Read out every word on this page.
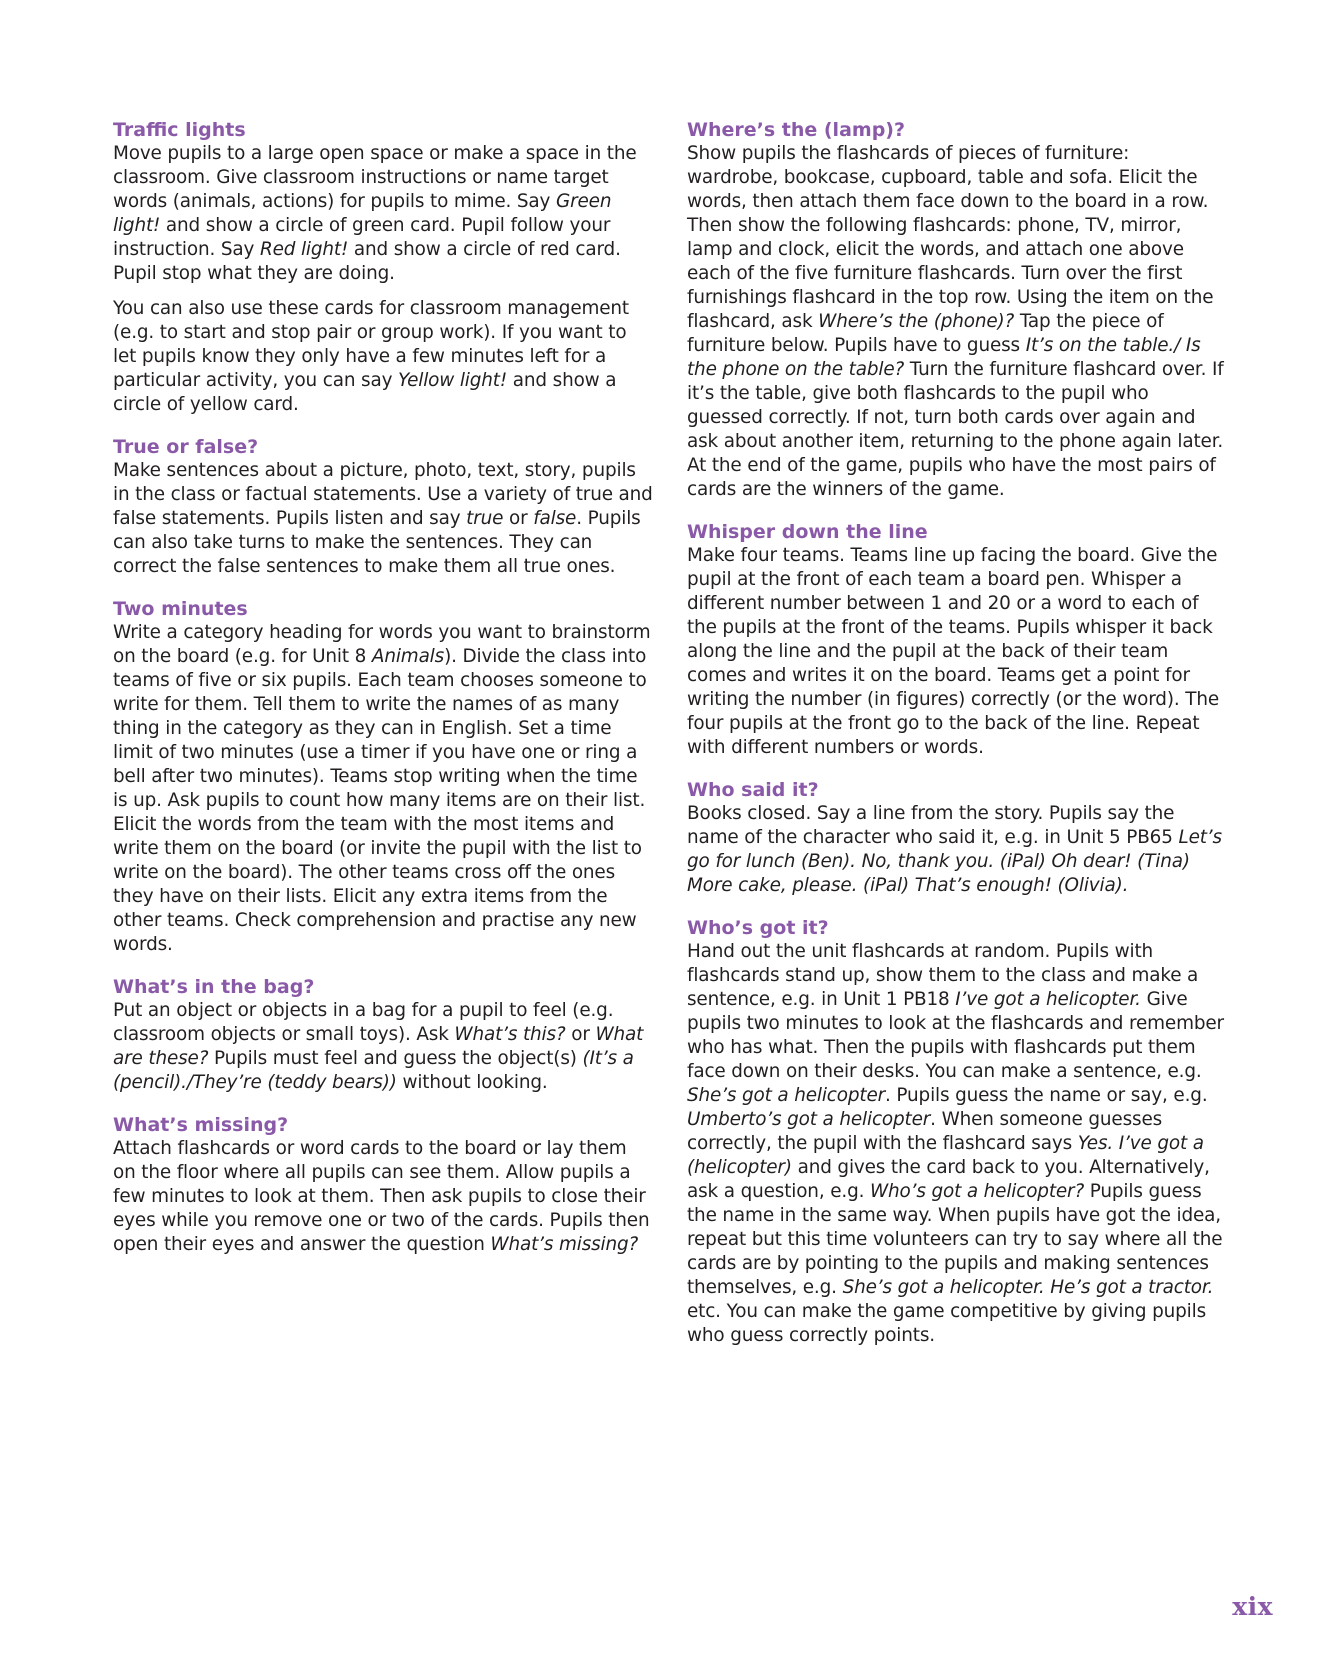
Traffic lights

Move pupils to a large open space or make a space in the classroom. Give classroom instructions or name target words (animals, actions) for pupils to mime. Say Green light! and show a circle of green card. Pupil follow your instruction. Say Red light! and show a circle of red card. Pupil stop what they are doing.

You can also use these cards for classroom management (e.g. to start and stop pair or group work). If you want to let pupils know they only have a few minutes left for a particular activity, you can say Yellow light! and show a circle of yellow card.

True or false?

Make sentences about a picture, photo, text, story, pupils in the class or factual statements. Use a variety of true and false statements. Pupils listen and say true or false. Pupils can also take turns to make the sentences. They can correct the false sentences to make them all true ones.

Two minutes

Write a category heading for words you want to brainstorm on the board (e.g. for Unit 8 Animals). Divide the class into teams of five or six pupils. Each team chooses someone to write for them. Tell them to write the names of as many thing in the category as they can in English. Set a time limit of two minutes (use a timer if you have one or ring a bell after two minutes). Teams stop writing when the time is up. Ask pupils to count how many items are on their list. Elicit the words from the team with the most items and write them on the board (or invite the pupil with the list to write on the board). The other teams cross off the ones they have on their lists. Elicit any extra items from the other teams. Check comprehension and practise any new words.

What’s in the bag?

Put an object or objects in a bag for a pupil to feel (e.g. classroom objects or small toys). Ask What’s this? or What are these? Pupils must feel and guess the object(s) (It’s a (pencil)./They’re (teddy bears)) without looking.

What’s missing?

Attach flashcards or word cards to the board or lay them on the floor where all pupils can see them. Allow pupils a few minutes to look at them. Then ask pupils to close their eyes while you remove one or two of the cards. Pupils then open their eyes and answer the question What’s missing?

Where’s the (lamp)?

Show pupils the flashcards of pieces of furniture: wardrobe, bookcase, cupboard, table and sofa. Elicit the words, then attach them face down to the board in a row. Then show the following flashcards: phone, TV, mirror, lamp and clock, elicit the words, and attach one above each of the five furniture flashcards. Turn over the first furnishings flashcard in the top row. Using the item on the flashcard, ask Where’s the (phone)? Tap the piece of furniture below. Pupils have to guess It’s on the table./ Is the phone on the table? Turn the furniture flashcard over. If it’s the table, give both flashcards to the pupil who guessed correctly. If not, turn both cards over again and ask about another item, returning to the phone again later. At the end of the game, pupils who have the most pairs of cards are the winners of the game.

Whisper down the line

Make four teams. Teams line up facing the board. Give the pupil at the front of each team a board pen. Whisper a different number between 1 and 20 or a word to each of the pupils at the front of the teams. Pupils whisper it back along the line and the pupil at the back of their team comes and writes it on the board. Teams get a point for writing the number (in figures) correctly (or the word). The four pupils at the front go to the back of the line. Repeat with different numbers or words.

Who said it?

Books closed. Say a line from the story. Pupils say the name of the character who said it, e.g. in Unit 5 PB65 Let’s go for lunch (Ben). No, thank you. (iPal) Oh dear! (Tina) More cake, please. (iPal) That’s enough! (Olivia).

Who’s got it?

Hand out the unit flashcards at random. Pupils with flashcards stand up, show them to the class and make a sentence, e.g. in Unit 1 PB18 I’ve got a helicopter. Give pupils two minutes to look at the flashcards and remember who has what. Then the pupils with flashcards put them face down on their desks. You can make a sentence, e.g. She’s got a helicopter. Pupils guess the name or say, e.g. Umberto’s got a helicopter. When someone guesses correctly, the pupil with the flashcard says Yes. I’ve got a (helicopter) and gives the card back to you. Alternatively, ask a question, e.g. Who’s got a helicopter? Pupils guess the name in the same way. When pupils have got the idea, repeat but this time volunteers can try to say where all the cards are by pointing to the pupils and making sentences themselves, e.g. She’s got a helicopter. He’s got a tractor. etc. You can make the game competitive by giving pupils who guess correctly points.

xix
